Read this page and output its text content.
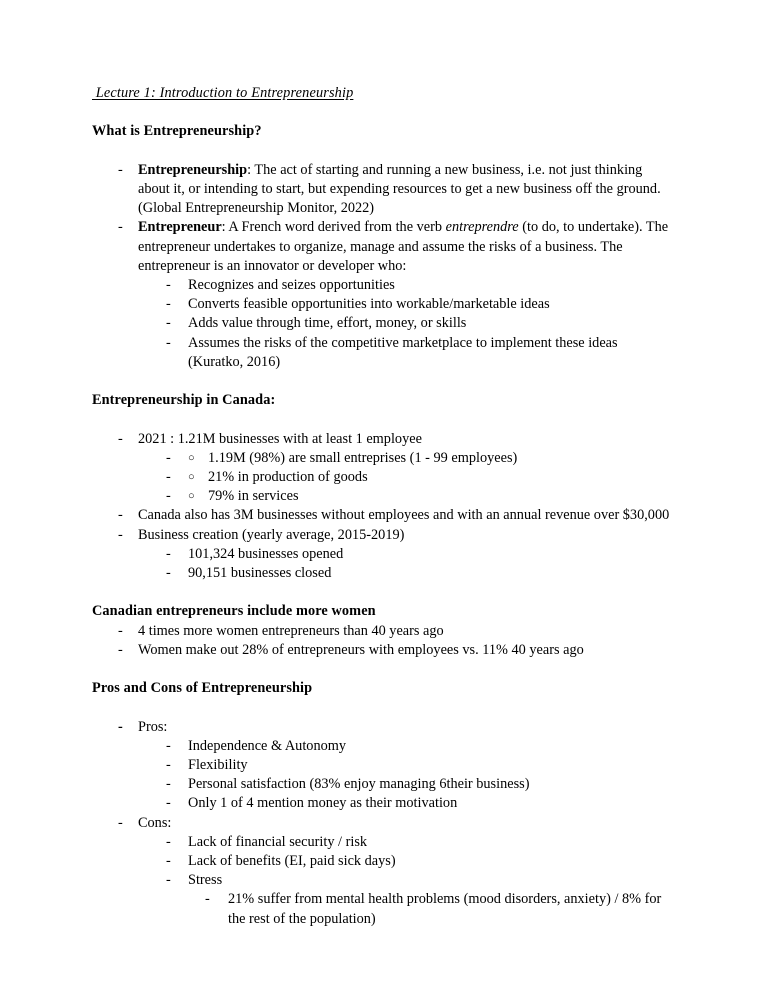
Lecture 1: Introduction to Entrepreneurship
What is Entrepreneurship?
- Entrepreneurship: The act of starting and running a new business, i.e. not just thinking about it, or intending to start, but expending resources to get a new business off the ground. (Global Entrepreneurship Monitor, 2022)
- Entrepreneur: A French word derived from the verb entreprendre (to do, to undertake). The entrepreneur undertakes to organize, manage and assume the risks of a business. The entrepreneur is an innovator or developer who:
- Recognizes and seizes opportunities
- Converts feasible opportunities into workable/marketable ideas
- Adds value through time, effort, money, or skills
- Assumes the risks of the competitive marketplace to implement these ideas (Kuratko, 2016)
Entrepreneurship in Canada:
- 2021 : 1.21M businesses with at least 1 employee
- ○ 1.19M (98%) are small entreprises (1 - 99 employees)
- ○ 21% in production of goods
- ○ 79% in services
- Canada also has 3M businesses without employees and with an annual revenue over $30,000
- Business creation (yearly average, 2015-2019)
- 101,324 businesses opened
- 90,151 businesses closed
Canadian entrepreneurs include more women
- 4 times more women entrepreneurs than 40 years ago
- Women make out 28% of entrepreneurs with employees vs. 11% 40 years ago
Pros and Cons of Entrepreneurship
- Pros:
- Independence & Autonomy
- Flexibility
- Personal satisfaction (83% enjoy managing 6their business)
- Only 1 of 4 mention money as their motivation
- Cons:
- Lack of financial security / risk
- Lack of benefits (EI, paid sick days)
- Stress
- 21% suffer from mental health problems (mood disorders, anxiety) / 8% for the rest of the population)
